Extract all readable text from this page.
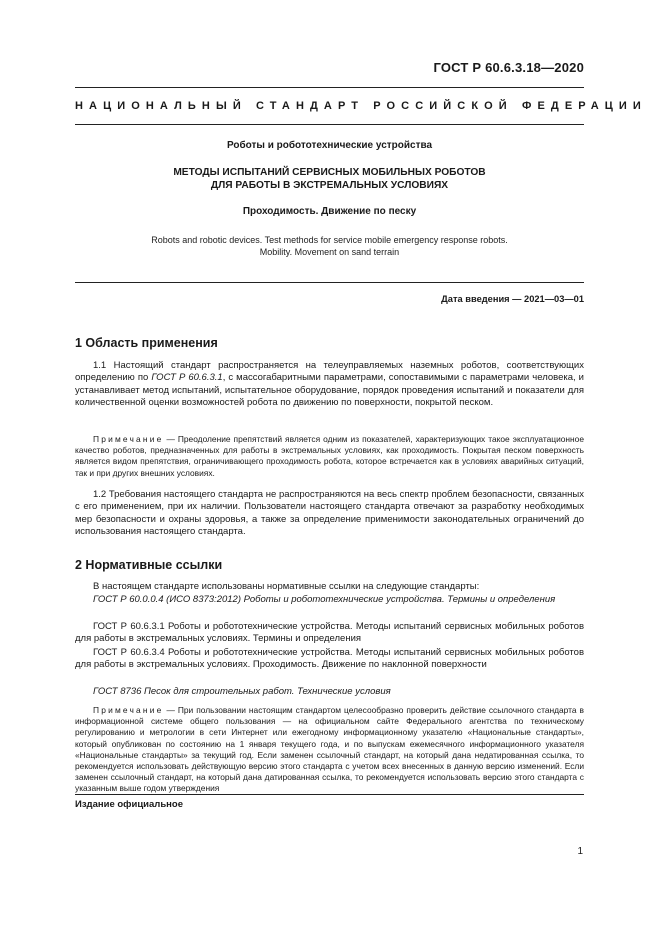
ГОСТ Р 60.6.3.18—2020
НАЦИОНАЛЬНЫЙ СТАНДАРТ РОССИЙСКОЙ ФЕДЕРАЦИИ
Роботы и робототехнические устройства
МЕТОДЫ ИСПЫТАНИЙ СЕРВИСНЫХ МОБИЛЬНЫХ РОБОТОВ
ДЛЯ РАБОТЫ В ЭКСТРЕМАЛЬНЫХ УСЛОВИЯХ
Проходимость. Движение по песку
Robots and robotic devices. Test methods for service mobile emergency response robots.
Mobility. Movement on sand terrain
Дата введения — 2021—03—01
1 Область применения
1.1 Настоящий стандарт распространяется на телеуправляемых наземных роботов, соответствующих определению по ГОСТ Р 60.6.3.1, с массогабаритными параметрами, сопоставимыми с параметрами человека, и устанавливает метод испытаний, испытательное оборудование, порядок проведения испытаний и показатели для количественной оценки возможностей робота по движению по поверхности, покрытой песком.
Примечание — Преодоление препятствий является одним из показателей, характеризующих такое эксплуатационное качество роботов, предназначенных для работы в экстремальных условиях, как проходимость. Покрытая песком поверхность является видом препятствия, ограничивающего проходимость робота, которое встречается как в условиях аварийных ситуаций, так и при других внешних условиях.
1.2 Требования настоящего стандарта не распространяются на весь спектр проблем безопасности, связанных с его применением, при их наличии. Пользователи настоящего стандарта отвечают за разработку необходимых мер безопасности и охраны здоровья, а также за определение применимости законодательных ограничений до использования настоящего стандарта.
2 Нормативные ссылки
В настоящем стандарте использованы нормативные ссылки на следующие стандарты:
ГОСТ Р 60.0.0.4 (ИСО 8373:2012) Роботы и робототехнические устройства. Термины и определения
ГОСТ Р 60.6.3.1 Роботы и робототехнические устройства. Методы испытаний сервисных мобильных роботов для работы в экстремальных условиях. Термины и определения
ГОСТ Р 60.6.3.4 Роботы и робототехнические устройства. Методы испытаний сервисных мобильных роботов для работы в экстремальных условиях. Проходимость. Движение по наклонной поверхности
ГОСТ 8736 Песок для строительных работ. Технические условия
Примечание — При пользовании настоящим стандартом целесообразно проверить действие ссылочного стандарта в информационной системе общего пользования — на официальном сайте Федерального агентства по техническому регулированию и метрологии в сети Интернет или ежегодному информационному указателю «Национальные стандарты», который опубликован по состоянию на 1 января текущего года, и по выпускам ежемесячного информационного указателя «Национальные стандарты» за текущий год. Если заменен ссылочный стандарт, на который дана недатированная ссылка, то рекомендуется использовать действующую версию этого стандарта с учетом всех внесенных в данную версию изменений. Если заменен ссылочный стандарт, на который дана датированная ссылка, то рекомендуется использовать версию этого стандарта с указанным выше годом утверждения
Издание официальное
1
